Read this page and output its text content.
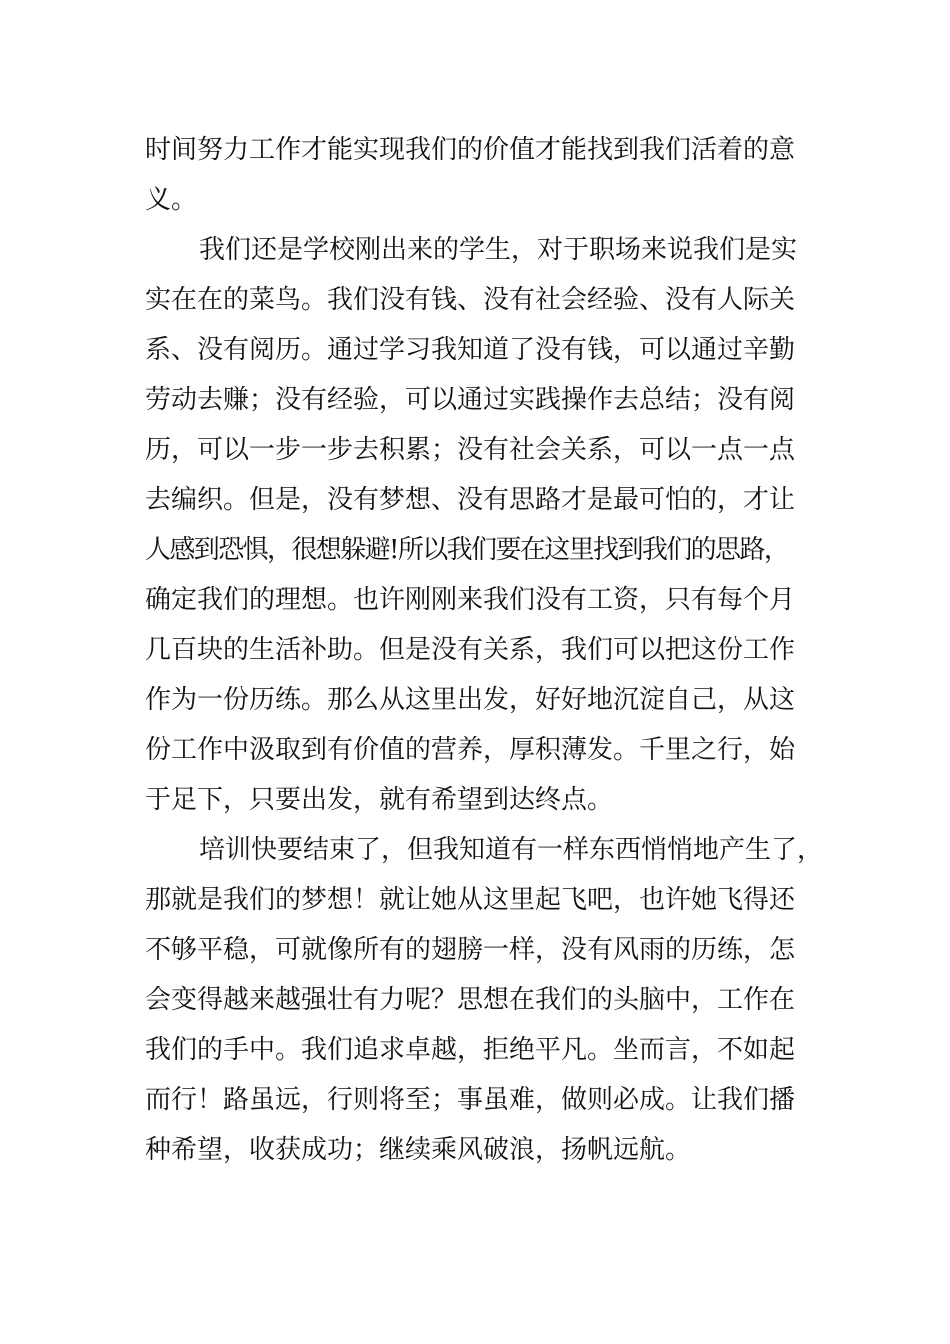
时间努力工作才能实现我们的价值才能找到我们活着的意
义。
我们还是学校刚出来的学生，对于职场来说我们是实
实在在的菜鸟。我们没有钱、没有社会经验、没有人际关
系、没有阅历。通过学习我知道了没有钱，可以通过辛勤
劳动去赚；没有经验，可以通过实践操作去总结；没有阅
历，可以一步一步去积累；没有社会关系，可以一点一点
去编织。但是，没有梦想、没有思路才是最可怕的，才让
人感到恐惧，很想躲避!所以我们要在这里找到我们的思路，
确定我们的理想。也许刚刚来我们没有工资，只有每个月
几百块的生活补助。但是没有关系，我们可以把这份工作
作为一份历练。那么从这里出发，好好地沉淀自己，从这
份工作中汲取到有价值的营养，厚积薄发。千里之行，始
于足下，只要出发，就有希望到达终点。
培训快要结束了，但我知道有一样东西悄悄地产生了，
那就是我们的梦想！就让她从这里起飞吧，也许她飞得还
不够平稳，可就像所有的翅膀一样，没有风雨的历练，怎
会变得越来越强壮有力呢？思想在我们的头脑中，工作在
我们的手中。我们追求卓越，拒绝平凡。坐而言，不如起
而行！路虽远，行则将至；事虽难，做则必成。让我们播
种希望，收获成功；继续乘风破浪，扬帆远航。
